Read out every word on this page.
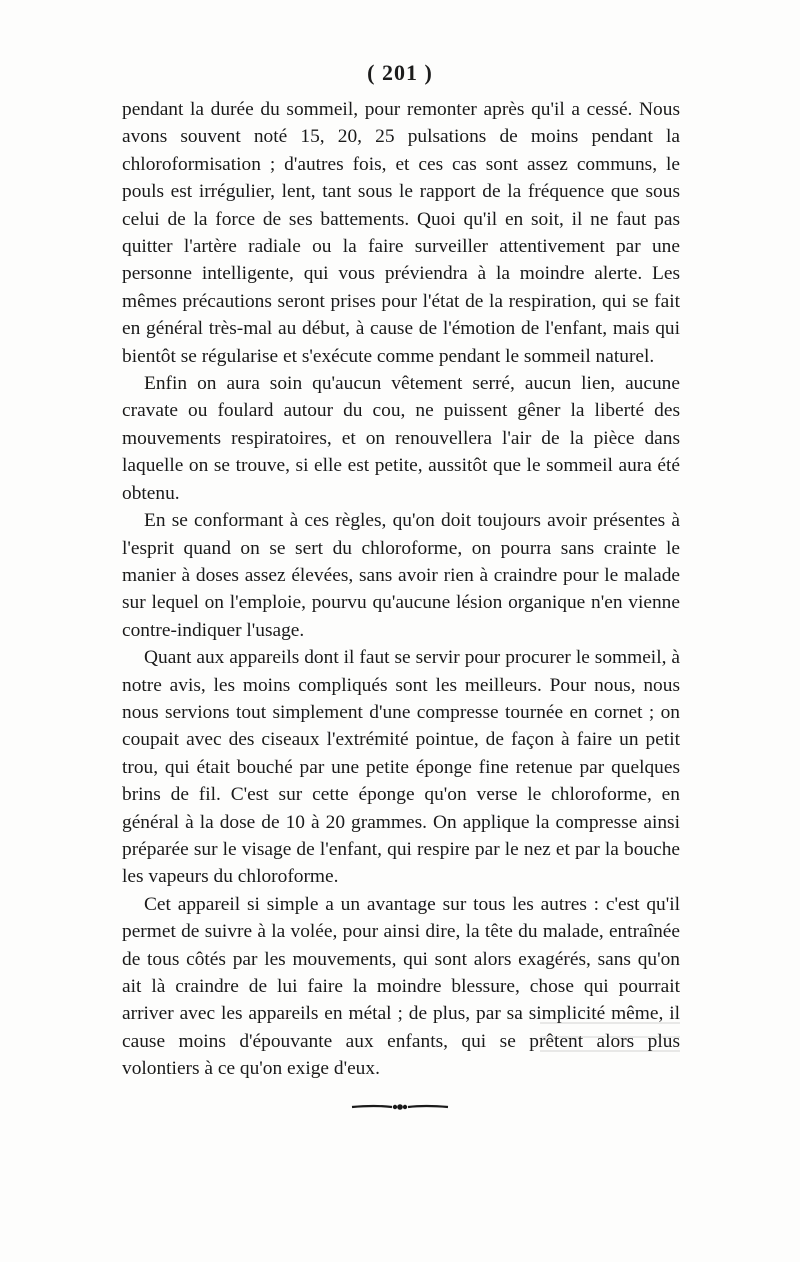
( 201 )

pendant la durée du sommeil, pour remonter après qu'il a cessé. Nous avons souvent noté 15, 20, 25 pulsations de moins pendant la chloroformisation ; d'autres fois, et ces cas sont assez communs, le pouls est irrégulier, lent, tant sous le rapport de la fréquence que sous celui de la force de ses battements. Quoi qu'il en soit, il ne faut pas quitter l'artère radiale ou la faire surveiller attentivement par une personne intelligente, qui vous préviendra à la moindre alerte. Les mêmes précautions seront prises pour l'état de la respiration, qui se fait en général très-mal au début, à cause de l'émotion de l'enfant, mais qui bientôt se régularise et s'exécute comme pendant le sommeil naturel.

Enfin on aura soin qu'aucun vêtement serré, aucun lien, aucune cravate ou foulard autour du cou, ne puissent gêner la liberté des mouvements respiratoires, et on renouvellera l'air de la pièce dans laquelle on se trouve, si elle est petite, aussitôt que le sommeil aura été obtenu.

En se conformant à ces règles, qu'on doit toujours avoir présentes à l'esprit quand on se sert du chloroforme, on pourra sans crainte le manier à doses assez élevées, sans avoir rien à craindre pour le malade sur lequel on l'emploie, pourvu qu'aucune lésion organique n'en vienne contre-indiquer l'usage.

Quant aux appareils dont il faut se servir pour procurer le sommeil, à notre avis, les moins compliqués sont les meilleurs. Pour nous, nous nous servions tout simplement d'une compresse tournée en cornet ; on coupait avec des ciseaux l'extrémité pointue, de façon à faire un petit trou, qui était bouché par une petite éponge fine retenue par quelques brins de fil. C'est sur cette éponge qu'on verse le chloroforme, en général à la dose de 10 à 20 grammes. On applique la compresse ainsi préparée sur le visage de l'enfant, qui respire par le nez et par la bouche les vapeurs du chloroforme.

Cet appareil si simple a un avantage sur tous les autres : c'est qu'il permet de suivre à la volée, pour ainsi dire, la tête du malade, entraînée de tous côtés par les mouvements, qui sont alors exagérés, sans qu'on ait là craindre de lui faire la moindre blessure, chose qui pourrait arriver avec les appareils en métal ; de plus, par sa simplicité même, il cause moins d'épouvante aux enfants, qui se prêtent alors plus volontiers à ce qu'on exige d'eux.
